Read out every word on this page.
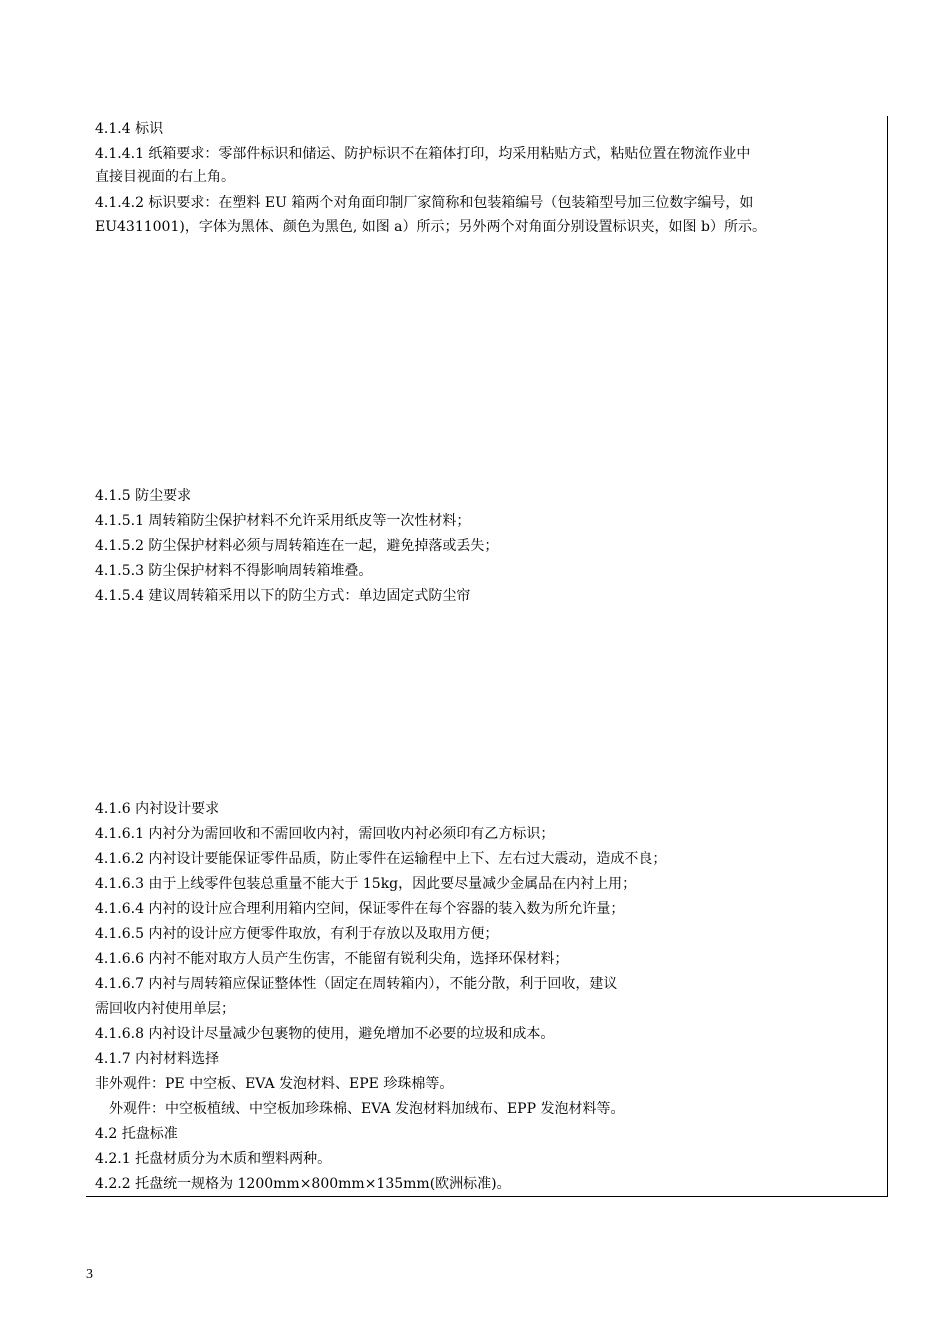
4.1.4 标识
4.1.4.1 纸箱要求：零部件标识和储运、防护标识不在箱体打印，均采用粘贴方式，粘贴位置在物流作业中
直接目视面的右上角。
4.1.4.2 标识要求：在塑料 EU 箱两个对角面印制厂家简称和包装箱编号（包装箱型号加三位数字编号，如
EU4311001)，字体为黑体、颜色为黑色, 如图 a）所示；另外两个对角面分别设置标识夹，如图 b）所示。
4.1.5 防尘要求
4.1.5.1 周转箱防尘保护材料不允许采用纸皮等一次性材料；
4.1.5.2 防尘保护材料必须与周转箱连在一起，避免掉落或丢失；
4.1.5.3 防尘保护材料不得影响周转箱堆叠。
4.1.5.4 建议周转箱采用以下的防尘方式：单边固定式防尘帘
4.1.6 内衬设计要求
4.1.6.1 内衬分为需回收和不需回收内衬，需回收内衬必须印有乙方标识；
4.1.6.2 内衬设计要能保证零件品质，防止零件在运输程中上下、左右过大震动，造成不良；
4.1.6.3 由于上线零件包装总重量不能大于 15kg，因此要尽量减少金属品在内衬上用；
4.1.6.4 内衬的设计应合理利用箱内空间，保证零件在每个容器的装入数为所允许量；
4.1.6.5 内衬的设计应方便零件取放，有利于存放以及取用方便；
4.1.6.6 内衬不能对取方人员产生伤害，不能留有锐利尖角，选择环保材料；
4.1.6.7 内衬与周转箱应保证整体性（固定在周转箱内），不能分散，利于回收，建议
需回收内衬使用单层；
4.1.6.8 内衬设计尽量减少包裹物的使用，避免增加不必要的垃圾和成本。
4.1.7 内衬材料选择
非外观件：PE 中空板、EVA 发泡材料、EPE 珍珠棉等。
　外观件：中空板植绒、中空板加珍珠棉、EVA 发泡材料加绒布、EPP 发泡材料等。
4.2 托盘标准
4.2.1 托盘材质分为木质和塑料两种。
4.2.2 托盘统一规格为 1200mm×800mm×135mm(欧洲标准)。
3
